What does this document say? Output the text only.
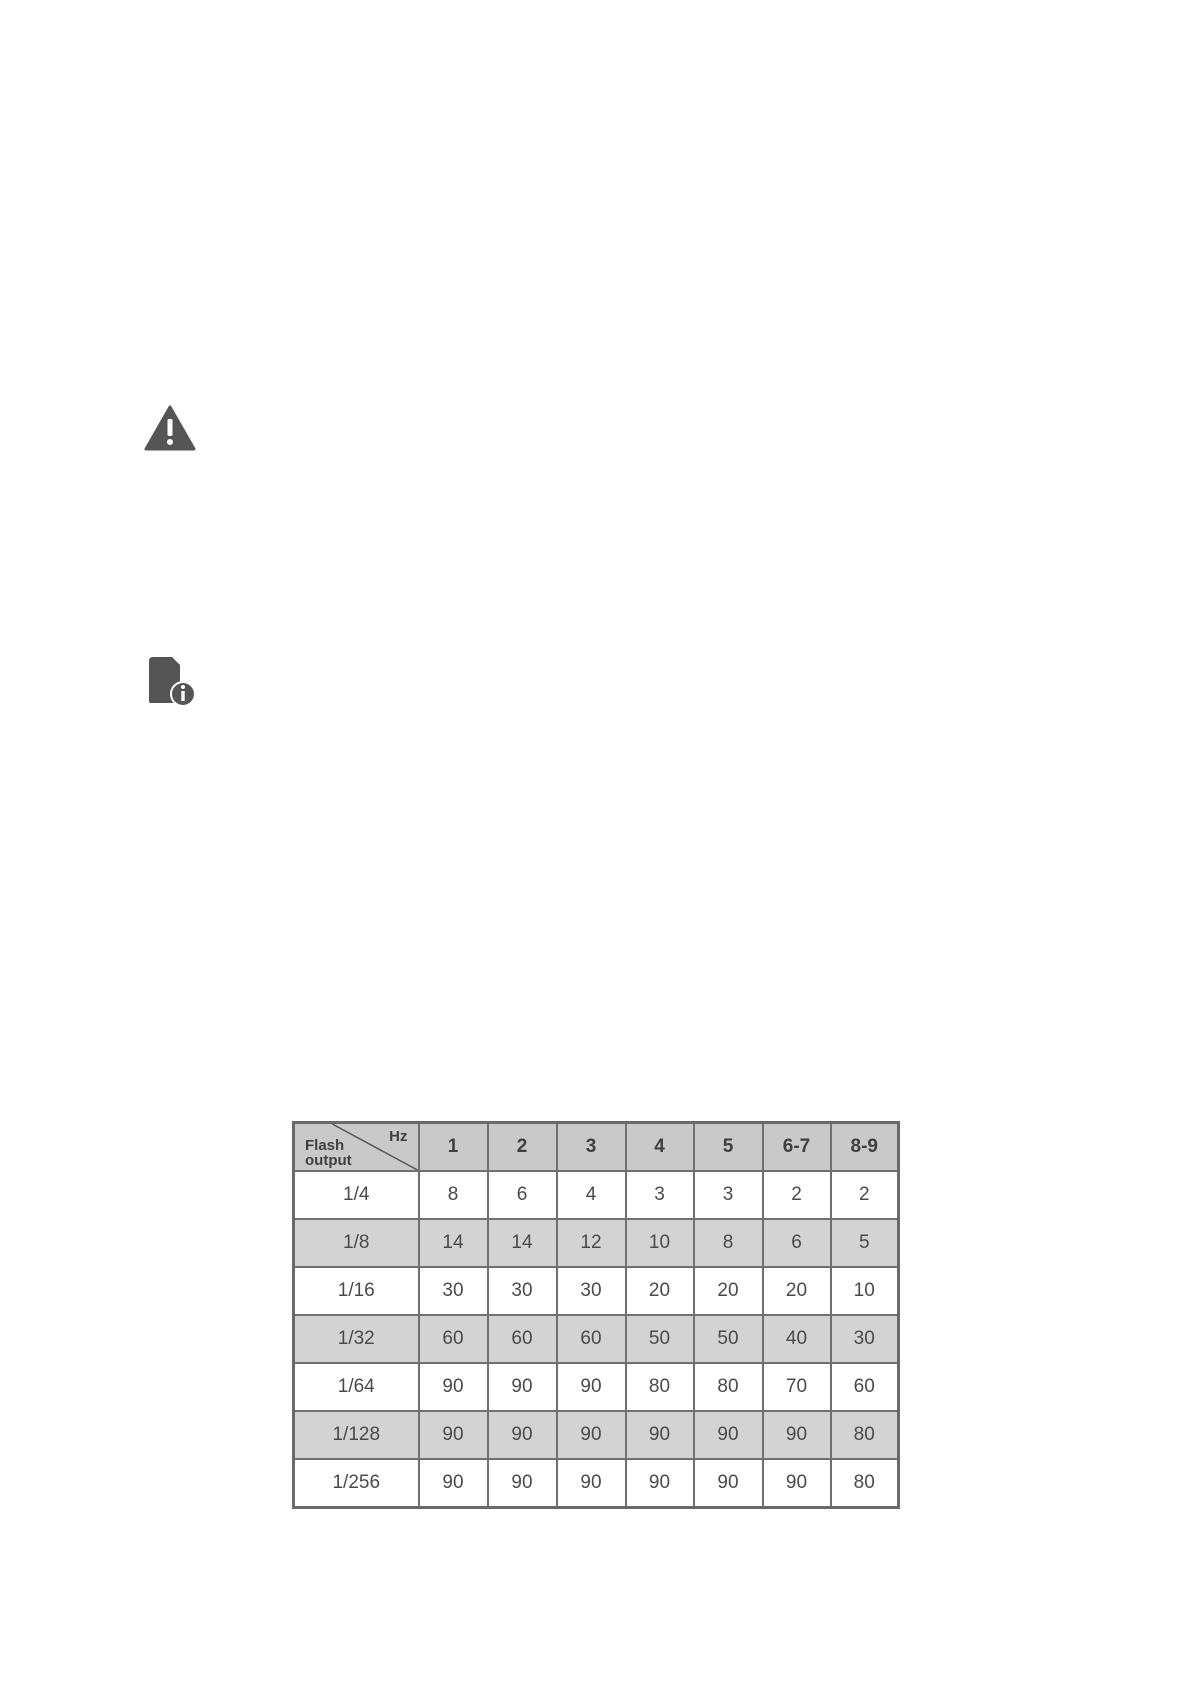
Hz
Flash
output	1	2	3	4	5	6-7	8-9
1/4	8	6	4	3	3	2	2
1/8	14	14	12	10	8	6	5
1/16	30	30	30	20	20	20	10
1/32	60	60	60	50	50	40	30
1/64	90	90	90	80	80	70	60
1/128	90	90	90	90	90	90	80
1/256	90	90	90	90	90	90	80
